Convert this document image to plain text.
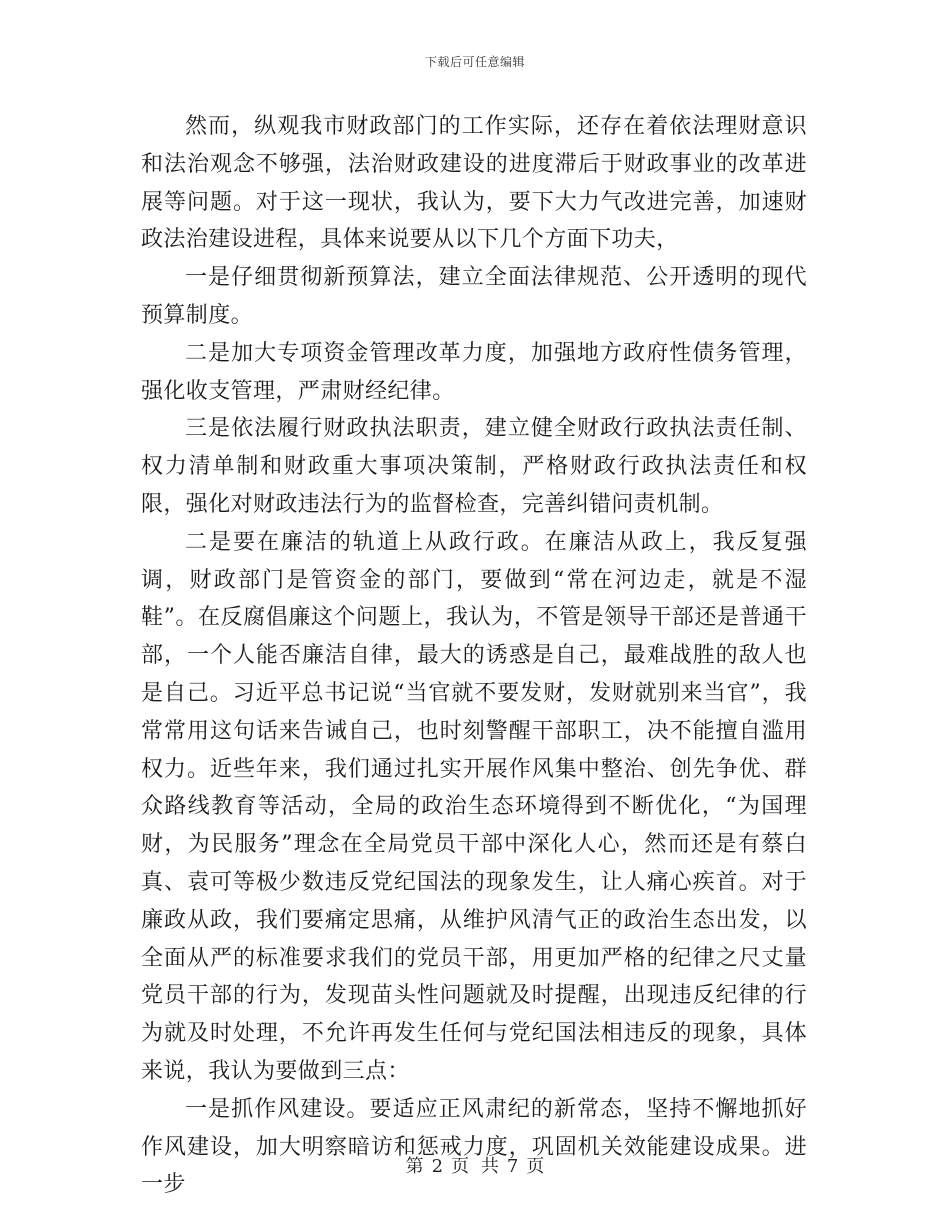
下载后可任意编辑

然而，纵观我市财政部门的工作实际，还存在着依法理财意识和法治观念不够强，法治财政建设的进度滞后于财政事业的改革进展等问题。对于这一现状，我认为，要下大力气改进完善，加速财政法治建设进程，具体来说要从以下几个方面下功夫，

一是仔细贯彻新预算法，建立全面法律规范、公开透明的现代预算制度。

二是加大专项资金管理改革力度，加强地方政府性债务管理，强化收支管理，严肃财经纪律。

三是依法履行财政执法职责，建立健全财政行政执法责任制、权力清单制和财政重大事项决策制，严格财政行政执法责任和权限，强化对财政违法行为的监督检查，完善纠错问责机制。

二是要在廉洁的轨道上从政行政。在廉洁从政上，我反复强调，财政部门是管资金的部门，要做到“常在河边走，就是不湿鞋”。在反腐倡廉这个问题上，我认为，不管是领导干部还是普通干部，一个人能否廉洁自律，最大的诱惑是自己，最难战胜的敌人也是自己。习近平总书记说“当官就不要发财，发财就别来当官”，我常常用这句话来告诫自己，也时刻警醒干部职工，决不能擅自滥用权力。近些年来，我们通过扎实开展作风集中整治、创先争优、群众路线教育等活动，全局的政治生态环境得到不断优化，“为国理财，为民服务”理念在全局党员干部中深化人心，然而还是有蔡白真、袁可等极少数违反党纪国法的现象发生，让人痛心疾首。对于廉政从政，我们要痛定思痛，从维护风清气正的政治生态出发，以全面从严的标准要求我们的党员干部，用更加严格的纪律之尺丈量党员干部的行为，发现苗头性问题就及时提醒，出现违反纪律的行为就及时处理，不允许再发生任何与党纪国法相违反的现象，具体来说，我认为要做到三点：

一是抓作风建设。要适应正风肃纪的新常态，坚持不懈地抓好作风建设，加大明察暗访和惩戒力度，巩固机关效能建设成果。进一步

第 2 页 共 7 页
